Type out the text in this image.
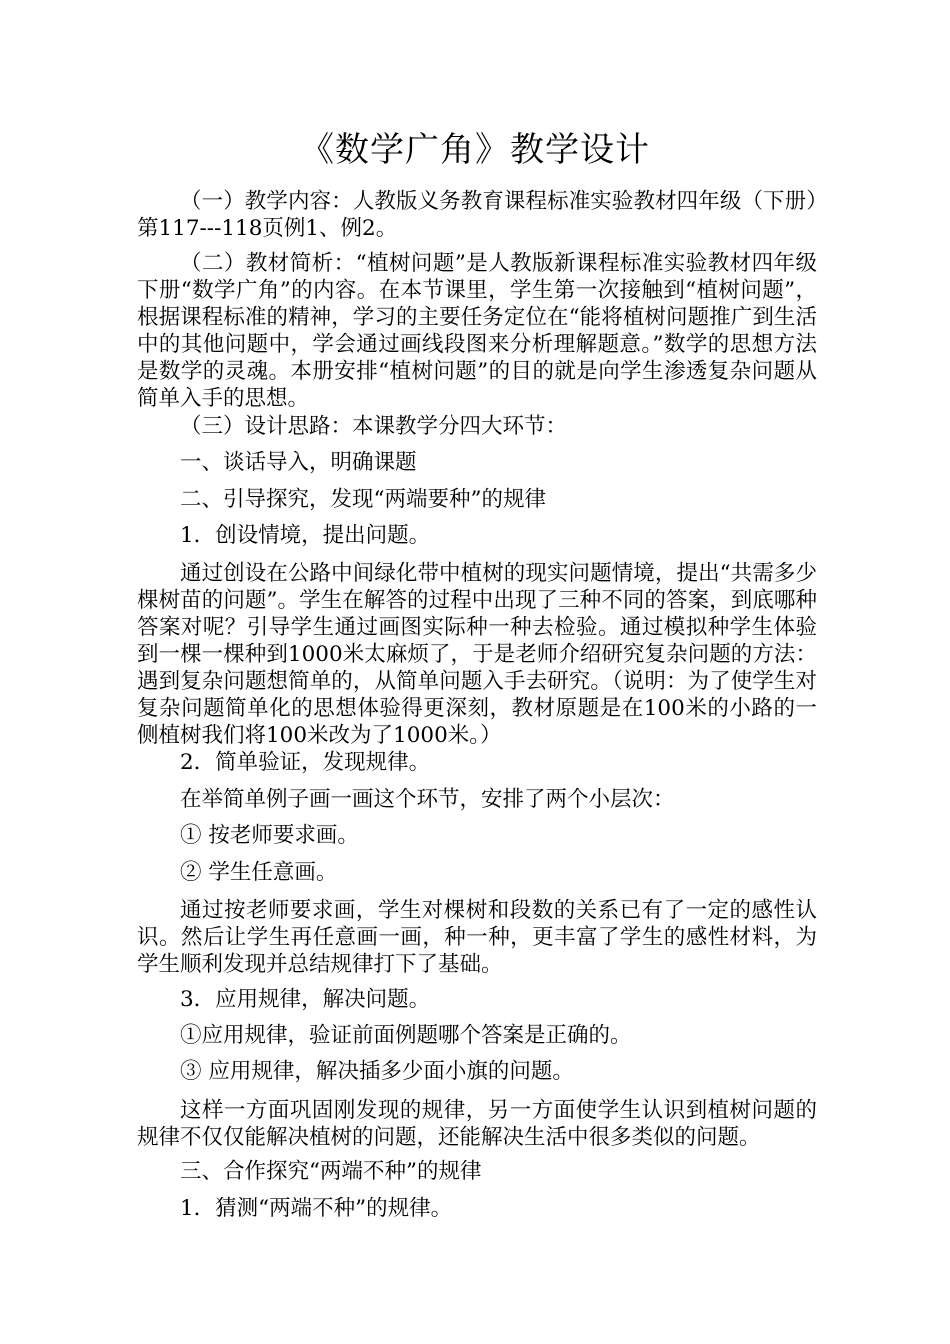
《数学广角》教学设计

（一）教学内容：人教版义务教育课程标准实验教材四年级（下册）第117---118页例1、例2。

（二）教材简析：“植树问题”是人教版新课程标准实验教材四年级下册“数学广角”的内容。在本节课里，学生第一次接触到“植树问题”，根据课程标准的精神，学习的主要任务定位在“能将植树问题推广到生活中的其他问题中，学会通过画线段图来分析理解题意。”数学的思想方法是数学的灵魂。本册安排“植树问题”的目的就是向学生渗透复杂问题从简单入手的思想。

（三）设计思路：本课教学分四大环节：

一、谈话导入，明确课题

二、引导探究，发现“两端要种”的规律

1．创设情境，提出问题。

通过创设在公路中间绿化带中植树的现实问题情境，提出“共需多少棵树苗的问题”。学生在解答的过程中出现了三种不同的答案，到底哪种答案对呢？引导学生通过画图实际种一种去检验。通过模拟种学生体验到一棵一棵种到1000米太麻烦了，于是老师介绍研究复杂问题的方法：遇到复杂问题想简单的，从简单问题入手去研究。（说明：为了使学生对复杂问题简单化的思想体验得更深刻，教材原题是在100米的小路的一侧植树我们将100米改为了1000米。）

2．简单验证，发现规律。

在举简单例子画一画这个环节，安排了两个小层次：

① 按老师要求画。

② 学生任意画。

通过按老师要求画，学生对棵树和段数的关系已有了一定的感性认识。然后让学生再任意画一画，种一种，更丰富了学生的感性材料，为学生顺利发现并总结规律打下了基础。

3．应用规律，解决问题。

①应用规律，验证前面例题哪个答案是正确的。

③ 应用规律，解决插多少面小旗的问题。

这样一方面巩固刚发现的规律，另一方面使学生认识到植树问题的规律不仅仅能解决植树的问题，还能解决生活中很多类似的问题。

三、合作探究“两端不种”的规律

1．猜测“两端不种”的规律。
